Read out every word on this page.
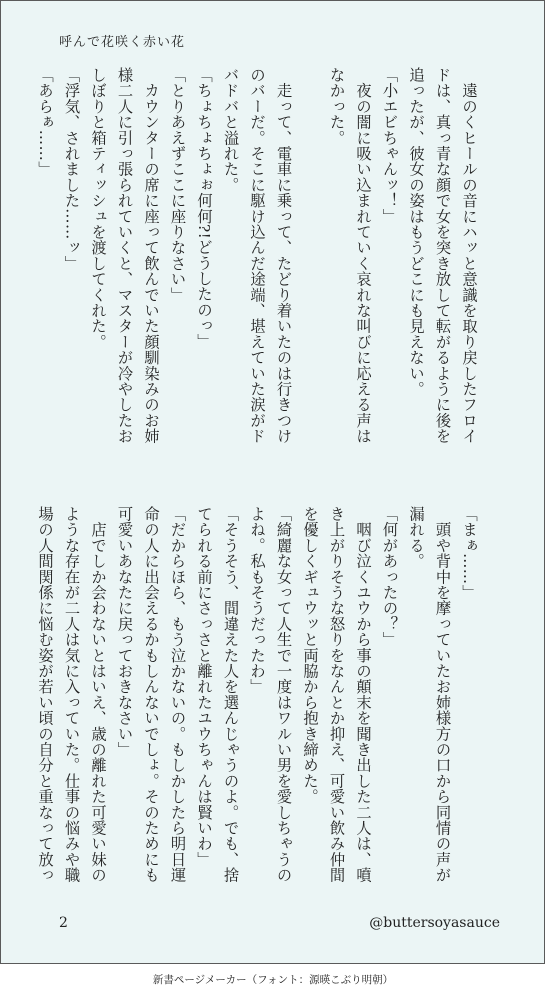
呼んで花咲く赤い花
　遠のくヒールの音にハッと意識を取り戻したフロイ
ドは、真っ青な顔で女を突き放して転がるように後を
追ったが、彼女の姿はもうどこにも見えない。
「小エビちゃんッ！」
　夜の闇に吸い込まれていく哀れな叫びに応える声は
なかった。
　走って、電車に乗って、たどり着いたのは行きつけ
のバーだ。そこに駆け込んだ途端、堪えていた涙がド
バドバと溢れた。
「ちょちょちょぉ何何?!どうしたのっ」
「とりあえずここに座りなさい」
　カウンターの席に座って飲んでいた顔馴染みのお姉
様二人に引っ張られていくと、マスターが冷やしたお
しぼりと箱ティッシュを渡してくれた。
「浮気、されました……ッ」
「あらぁ……」
「まぁ……」
　頭や背中を摩っていたお姉様方の口から同情の声が
漏れる。
「何があったの？」
　咽び泣くユウから事の顛末を聞き出した二人は、噴
き上がりそうな怒りをなんとか抑え、可愛い飲み仲間
を優しくギュウッと両脇から抱き締めた。
「綺麗な女って人生で一度はワルい男を愛しちゃうの
よね。私もそうだったわ」
「そうそう、間違えた人を選んじゃうのよ。でも、捨
てられる前にさっさと離れたユウちゃんは賢いわ」
「だからほら、もう泣かないの。もしかしたら明日運
命の人に出会えるかもしんないでしょ。そのためにも
可愛いあなたに戻っておきなさい」
　店でしか会わないとはいえ、歳の離れた可愛い妹の
ような存在が二人は気に入っていた。仕事の悩みや職
場の人間関係に悩む姿が若い頃の自分と重なって放っ
2	@buttersoyasauce
新書ページメーカー（フォント：源暎こぶり明朝）
